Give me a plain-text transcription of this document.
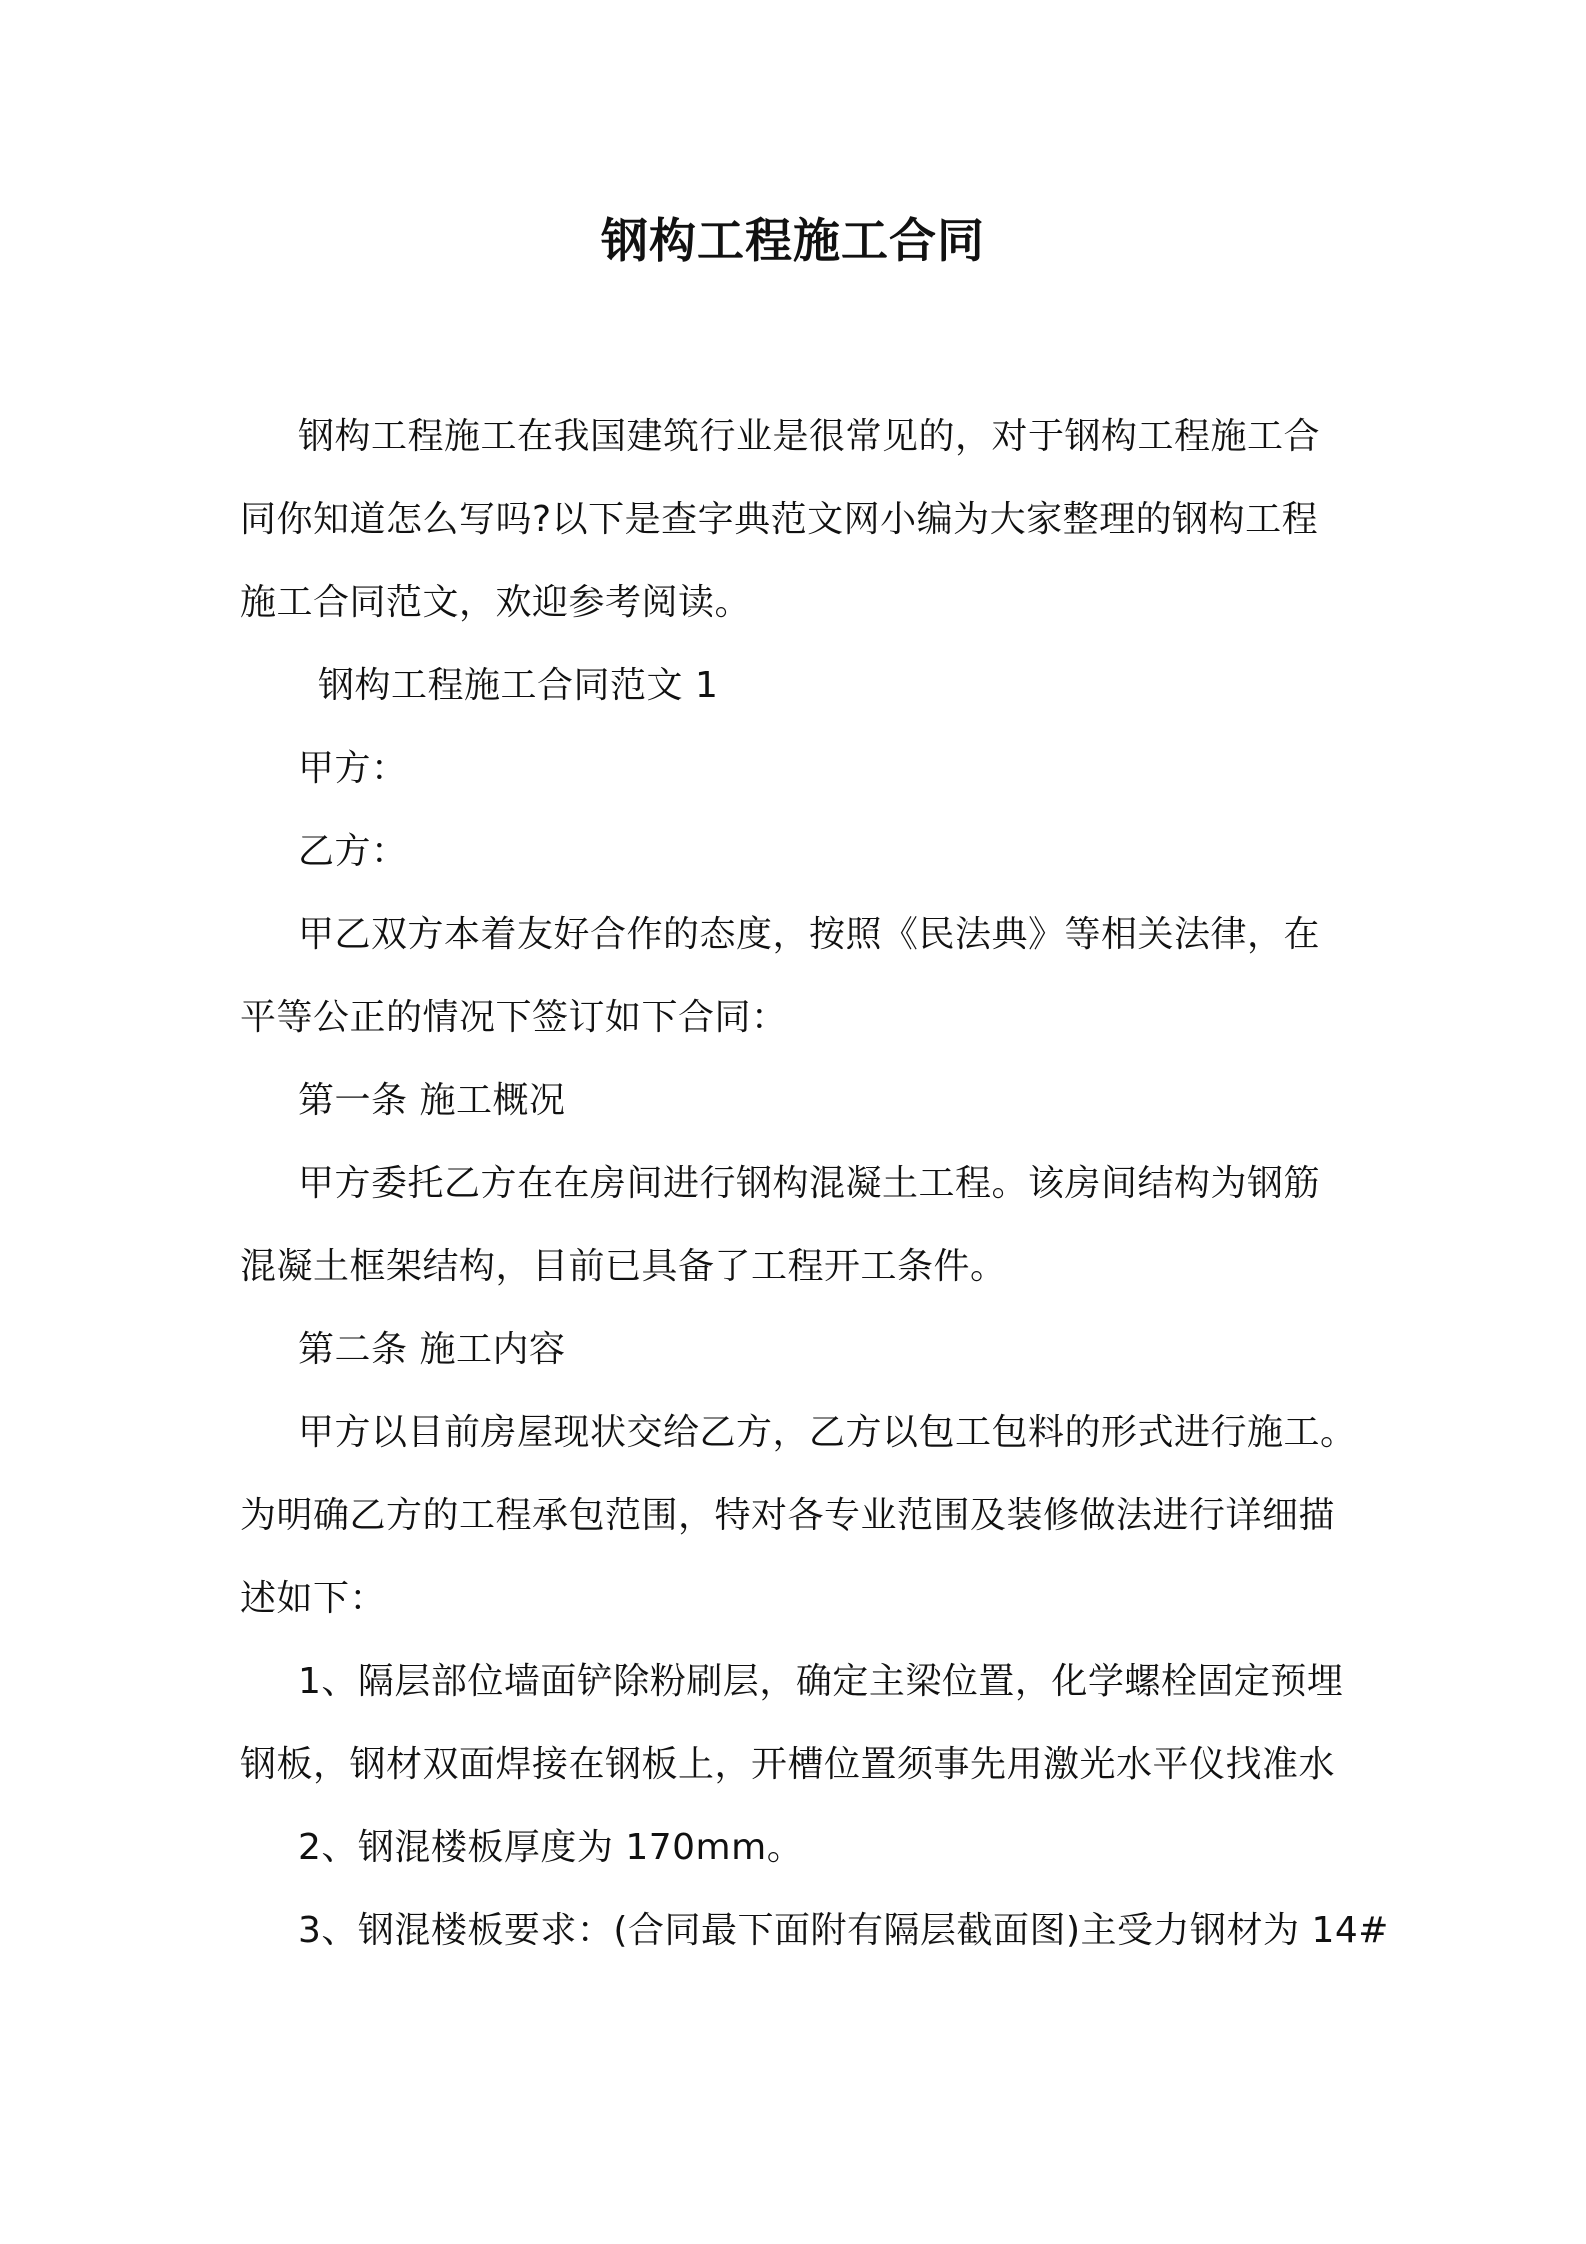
钢构工程施工合同
钢构工程施工在我国建筑行业是很常见的，对于钢构工程施工合
同你知道怎么写吗?以下是查字典范文网小编为大家整理的钢构工程
施工合同范文，欢迎参考阅读。
钢构工程施工合同范文 1
甲方：
乙方：
甲乙双方本着友好合作的态度，按照《民法典》等相关法律，在
平等公正的情况下签订如下合同：
第一条 施工概况
甲方委托乙方在在房间进行钢构混凝土工程。该房间结构为钢筋
混凝土框架结构，目前已具备了工程开工条件。
第二条 施工内容
甲方以目前房屋现状交给乙方，乙方以包工包料的形式进行施工。
为明确乙方的工程承包范围，特对各专业范围及装修做法进行详细描
述如下：
1、隔层部位墙面铲除粉刷层，确定主梁位置，化学螺栓固定预埋
钢板，钢材双面焊接在钢板上，开槽位置须事先用激光水平仪找准水
2、钢混楼板厚度为 170mm。
3、钢混楼板要求：(合同最下面附有隔层截面图)主受力钢材为 14#
